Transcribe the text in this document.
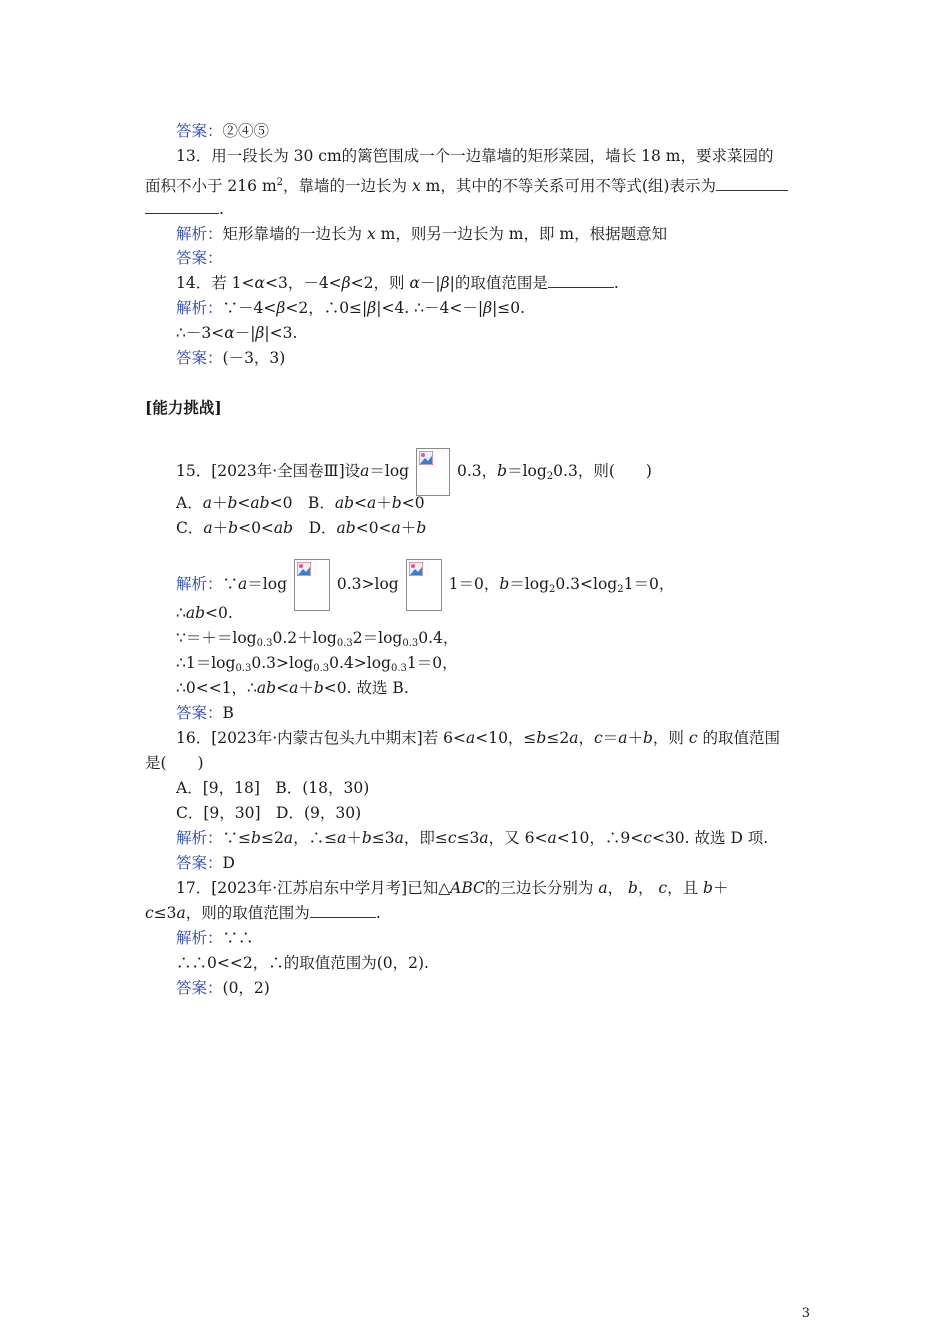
答案：②④⑤
13．用一段长为 30 cm的篱笆围成一个一边靠墙的矩形菜园，墙长 18 m，要求菜园的
面积不小于 216 $m^2$，靠墙的一边长为 x m，其中的不等关系可用不等式(组)表示为
.
解析：矩形靠墙的一边长为 x m，则另一边长为 m，即 m，根据题意知
答案：
14．若 1<α<3，－4<β<2，则 α－|β|的取值范围是	.
解析：∵－4<β<2，∴0≤|β|<4. ∴－4<－|β|≤0.
∴－3<α－|β|<3.
答案：(－3，3)
[能力挑战]
15．[2023年·全国卷Ⅲ]设a＝log	0.3，$b=\log_20.3$，则(　　)
A．a＋b<ab<0　B．ab<a＋b<0
C．a＋b<0<ab　D．ab<0<a＋b
解析：∵a＝log	0.3>log	1＝0，$b=\log_20.3<\log_21=0$，
∴ab<0.
$\because=+=\log_{0.3}0.2+\log_{0.3}2=\log_{0.3}0.4$，
$\therefore 1=\log_{0.3}0.3>\log_{0.3}0.4>\log_{0.3}1=0$，
∴0<<1，∴ab<a＋b<0. 故选 B.
答案：B
16．[2023年·内蒙古包头九中期末]若 6<a<10，≤b≤2a，c＝a＋b，则 c 的取值范围
是(　　)
A．[9，18]　B．(18，30)
C．[9，30]　D．(9，30)
解析：∵≤b≤2a，∴≤a＋b≤3a，即≤c≤3a，又 6<a<10，∴9<c<30. 故选 D 项.
答案：D
17．[2023年·江苏启东中学月考]已知△ABC的三边长分别为 a， b， c，且 b＋
c≤3a，则的取值范围为	.
解析：∵∴
∴∴0<<2，∴的取值范围为(0，2).
答案：(0，2)
3
